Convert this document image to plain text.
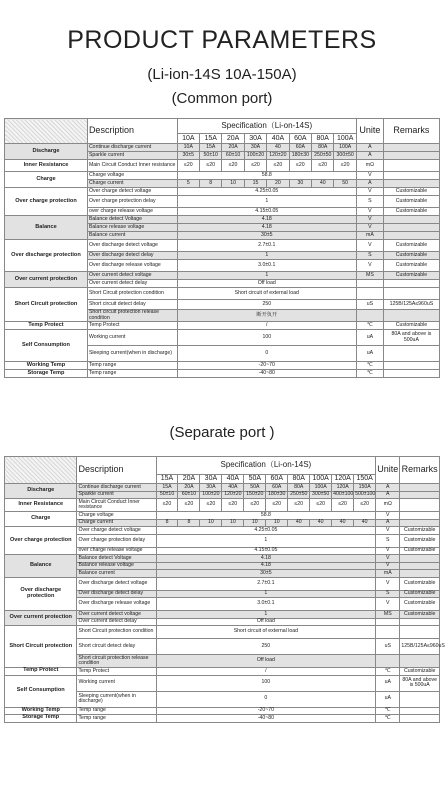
PRODUCT PARAMETERS
(Li-ion-14S 10A-150A)
(Common port)
(Separate port )
	Description	Specification（Li-on-14S)								Unite	Remarks
		10A	15A	20A	30A	40A	60A	80A	100A		
Discharge	Continue discharge current	10A	15A	20A	30A	40	60A	80A	100A	A	
	Sparkle current	30±5	50±10	60±10	100±20	120±20	180±30	250±50	300±50	A	
Inner Resistance	Main Circuit Conduct Inner resistance	≤20	≤20	≤20	≤20	≤20	≤20	≤20	≤20	mΩ	
Charge	Charge voltage	58.8								V	
	Charge current	5	8	10	15	20	30	40	50	A	
Over charge protection	Over charge detect voltage	4.25±0.05								V	Customizable
	Over charge protection delay	1								S	Customizable
	over charge release voltage	4.15±0.05								V	Customizable
Balance	Balance detect Voltage	4.18								V	
	Balance release voltage	4.18								V	
	Balance current	30±5								mA	
Over discharge protection	Over discharge detect voltage	2.7±0.1								V	Customizable
	Over discharge detect delay	1								S	Customizable
	Over discharge release voltage	3.0±0.1								V	Customizable
Over current protection	Over current detect voltage	1								MS	Customizable
	Over current detect delay	Off load									
Short Circuit protection	Short Circuit protection condition	Short circuit of external load									
	Short circuit detect delay	250								uS	125B/125A≤960uS
	Short circuit protection release condition	断开负开									
Temp Protect	Temp Protect	/								℃	Customizable
Self Consumption	Working current	100								uA	80A and above is 500uA
	Sleeping current(when in discharge)	0								uA	
Working Temp	Temp range	-20~70								℃	
Storage Temp	Temp range	-40~80								℃	
	Description	Specification（Li-on-14S)										Unite	Remarks
		15A	20A	30A	40A	50A	60A	80A	100A	120A	150A		
Discharge	Continue discharge current	15A	20A	30A	40A	50A	60A	80A	100A	120A	150A	A	
	Sparkle current	50±10	60±10	100±20	120±20	150±20	180±30	250±50	300±50	400±100	500±100	A	
Inner Resistance	Main Circuit Conduct Inner resistance	≤20	≤20	≤20	≤20	≤20	≤20	≤20	≤20	≤20	≤20	mΩ	
Charge	Charge voltage	58.8										V	
	Charge current	8	8	10	10	10	10	40	40	40	40	A	
Over charge protection	Over charge detect voltage	4.25±0.05										V	Customizable
	Over charge protection delay	1										S	Customizable
	over charge release voltage	4.15±0.05										V	Customizable
Balance	Balance detect Voltage	4.18										V	
	Balance release voltage	4.18										V	
	Balance current	30±5										mA	
Over discharge protection	Over discharge detect voltage	2.7±0.1										V	Customizable
	Over discharge detect delay	1										S	Customizable
	Over discharge release voltage	3.0±0.1										V	Customizable
Over current protection	Over current detect voltage	1										MS	Customizable
	Over current detect delay	Off load											
Short Circuit protection	Short Circuit protection condition	Short circuit of external load											
	Short circuit detect delay	250										uS	125B/125A≤960uS
	Short circuit protection release condition	Off load											
Temp Protect	Temp Protect	/										℃	Customizable
Self Consumption	Working current	100										uA	80A and above is 500uA
	Sleeping current(when in discharge)	0										uA	
Working Temp	Temp range	-20~70										℃	
Storage Temp	Temp range	-40~80										℃	
